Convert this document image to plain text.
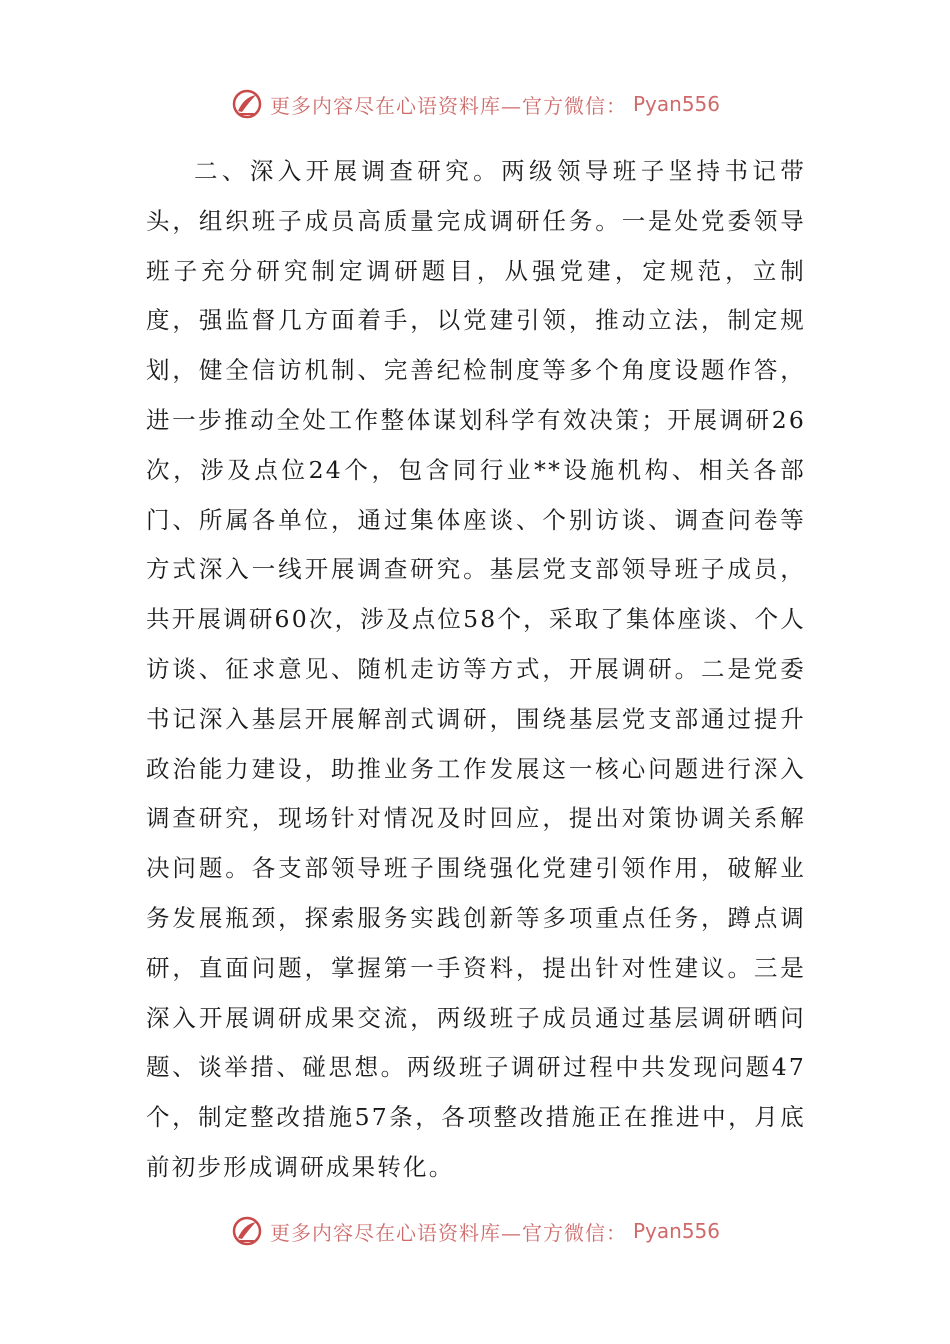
更多内容尽在心语资料库—官方微信： Pyan556

二、深入开展调查研究。两级领导班子坚持书记带头，组织班子成员高质量完成调研任务。一是处党委领导班子充分研究制定调研题目，从强党建，定规范，立制度，强监督几方面着手，以党建引领，推动立法，制定规划，健全信访机制、完善纪检制度等多个角度设题作答，进一步推动全处工作整体谋划科学有效决策；开展调研26次，涉及点位24个，包含同行业**设施机构、相关各部门、所属各单位，通过集体座谈、个别访谈、调查问卷等方式深入一线开展调查研究。基层党支部领导班子成员，共开展调研60次，涉及点位58个，采取了集体座谈、个人访谈、征求意见、随机走访等方式，开展调研。二是党委书记深入基层开展解剖式调研，围绕基层党支部通过提升政治能力建设，助推业务工作发展这一核心问题进行深入调查研究，现场针对情况及时回应，提出对策协调关系解决问题。各支部领导班子围绕强化党建引领作用，破解业务发展瓶颈，探索服务实践创新等多项重点任务，蹲点调研，直面问题，掌握第一手资料，提出针对性建议。三是深入开展调研成果交流，两级班子成员通过基层调研晒问题、谈举措、碰思想。两级班子调研过程中共发现问题47个，制定整改措施57条，各项整改措施正在推进中，月底前初步形成调研成果转化。

更多内容尽在心语资料库—官方微信： Pyan556
